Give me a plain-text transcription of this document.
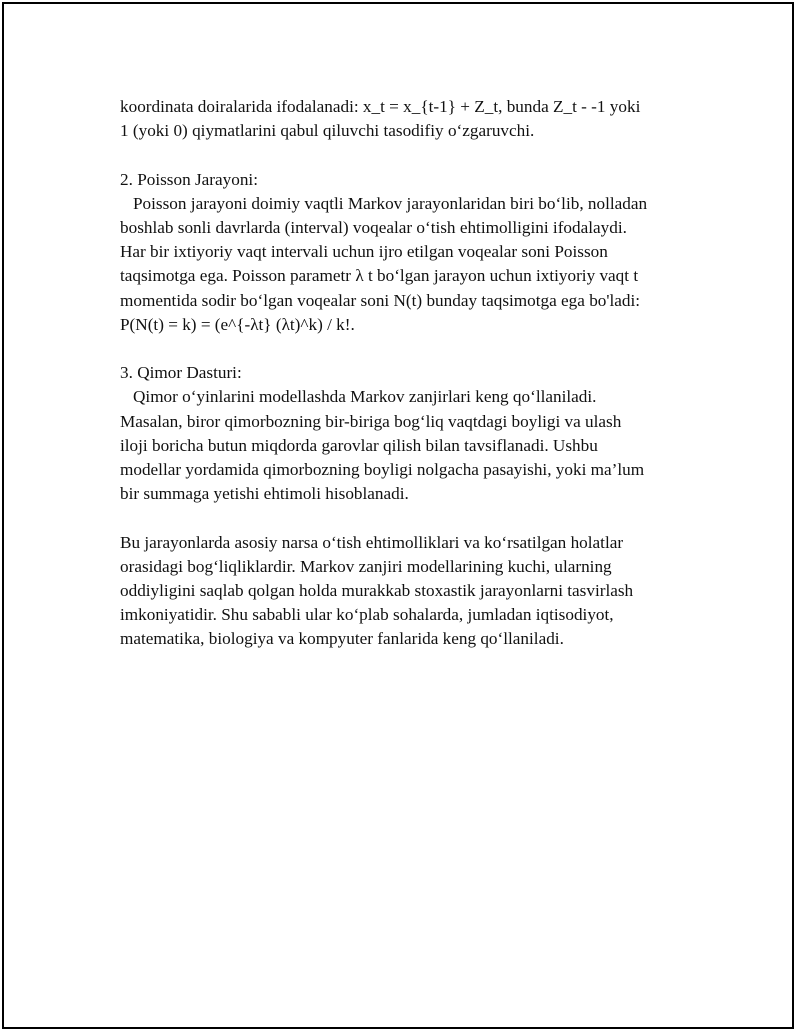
koordinata doiralarida ifodalanadi: x_t = x_{t-1} + Z_t, bunda Z_t - -1 yoki

1 (yoki 0) qiymatlarini qabul qiluvchi tasodifiy o‘zgaruvchi.

2. Poisson Jarayoni:

Poisson jarayoni doimiy vaqtli Markov jarayonlaridan biri bo‘lib, nolladan

boshlab sonli davrlarda (interval) voqealar o‘tish ehtimolligini ifodalaydi.

Har bir ixtiyoriy vaqt intervali uchun ijro etilgan voqealar soni Poisson

taqsimotga ega. Poisson parametr λ t bo‘lgan jarayon uchun ixtiyoriy vaqt t

momentida sodir bo‘lgan voqealar soni N(t) bunday taqsimotga ega bo'ladi:

P(N(t) = k) = (e^{-λt} (λt)^k) / k!.

3. Qimor Dasturi:

Qimor o‘yinlarini modellashda Markov zanjirlari keng qo‘llaniladi.

Masalan, biror qimorbozning bir-biriga bog‘liq vaqtdagi boyligi va ulash

iloji boricha butun miqdorda garovlar qilish bilan tavsiflanadi. Ushbu

modellar yordamida qimorbozning boyligi nolgacha pasayishi, yoki ma’lum

bir summaga yetishi ehtimoli hisoblanadi.

Bu jarayonlarda asosiy narsa o‘tish ehtimolliklari va ko‘rsatilgan holatlar

orasidagi bog‘liqliklardir. Markov zanjiri modellarining kuchi, ularning

oddiyligini saqlab qolgan holda murakkab stoxastik jarayonlarni tasvirlash

imkoniyatidir. Shu sababli ular ko‘plab sohalarda, jumladan iqtisodiyot,

matematika, biologiya va kompyuter fanlarida keng qo‘llaniladi.
